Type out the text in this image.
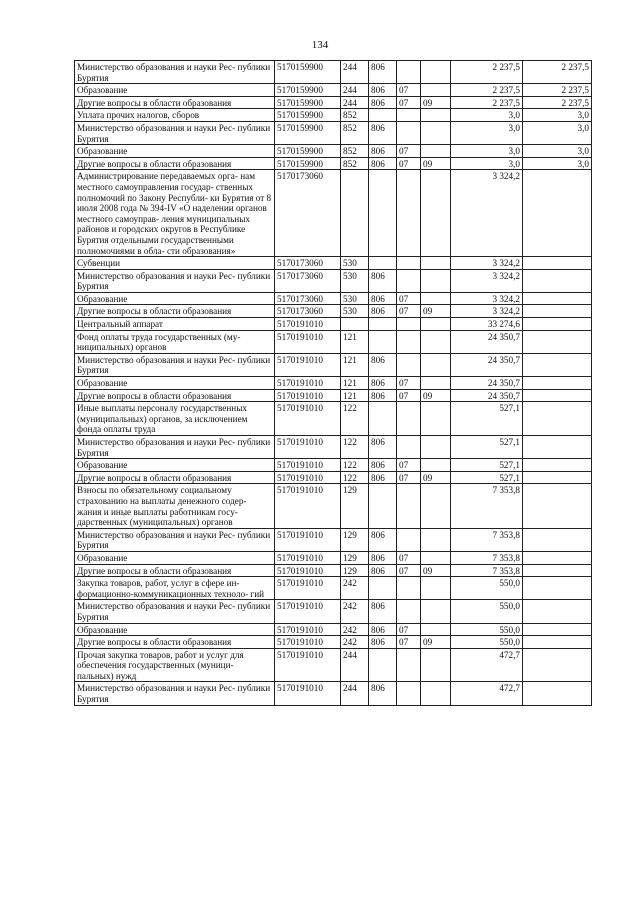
134
Министерство образования и науки Рес- публики Бурятия	5170159900	244	806			2 237,5	2 237,5
Образование	5170159900	244	806	07		2 237,5	2 237,5
Другие вопросы в области образования	5170159900	244	806	07	09	2 237,5	2 237,5
Уплата прочих налогов, сборов	5170159900	852				3,0	3,0
Министерство образования и науки Рес- публики Бурятия	5170159900	852	806			3,0	3,0
Образование	5170159900	852	806	07		3,0	3,0
Другие вопросы в области образования	5170159900	852	806	07	09	3,0	3,0
Администрирование передаваемых орга- нам местного самоуправления государ- ственных полномочий по Закону Республи- ки Бурятия от 8 июля 2008 года № 394-IV «О наделении органов местного самоуправ- ления муниципальных районов и городских округов в Республике Бурятия отдельными государственными полномочиями в обла- сти образования»	5170173060					3 324,2	
Субвенции	5170173060	530				3 324,2	
Министерство образования и науки Рес- публики Бурятия	5170173060	530	806			3 324,2	
Образование	5170173060	530	806	07		3 324,2	
Другие вопросы в области образования	5170173060	530	806	07	09	3 324,2	
Центральный аппарат	5170191010					33 274,6	
Фонд оплаты труда государственных (му- ниципальных) органов	5170191010	121				24 350,7	
Министерство образования и науки Рес- публики Бурятия	5170191010	121	806			24 350,7	
Образование	5170191010	121	806	07		24 350,7	
Другие вопросы в области образования	5170191010	121	806	07	09	24 350,7	
Иные выплаты персоналу государственных (муниципальных) органов, за исключением фонда оплаты труда	5170191010	122				527,1	
Министерство образования и науки Рес- публики Бурятия	5170191010	122	806			527,1	
Образование	5170191010	122	806	07		527,1	
Другие вопросы в области образования	5170191010	122	806	07	09	527,1	
Взносы по обязательному социальному страхованию на выплаты денежного содер- жания и иные выплаты работникам госу- дарственных (муниципальных) органов	5170191010	129				7 353,8	
Министерство образования и науки Рес- публики Бурятия	5170191010	129	806			7 353,8	
Образование	5170191010	129	806	07		7 353,8	
Другие вопросы в области образования	5170191010	129	806	07	09	7 353,8	
Закупка товаров, работ, услуг в сфере ин- формационно-коммуникационных техноло- гий	5170191010	242				550,0	
Министерство образования и науки Рес- публики Бурятия	5170191010	242	806			550,0	
Образование	5170191010	242	806	07		550,0	
Другие вопросы в области образования	5170191010	242	806	07	09	550,0	
Прочая закупка товаров, работ и услуг для обеспечения государственных (муници- пальных) нужд	5170191010	244				472,7	
Министерство образования и науки Рес- публики Бурятия	5170191010	244	806			472,7	
